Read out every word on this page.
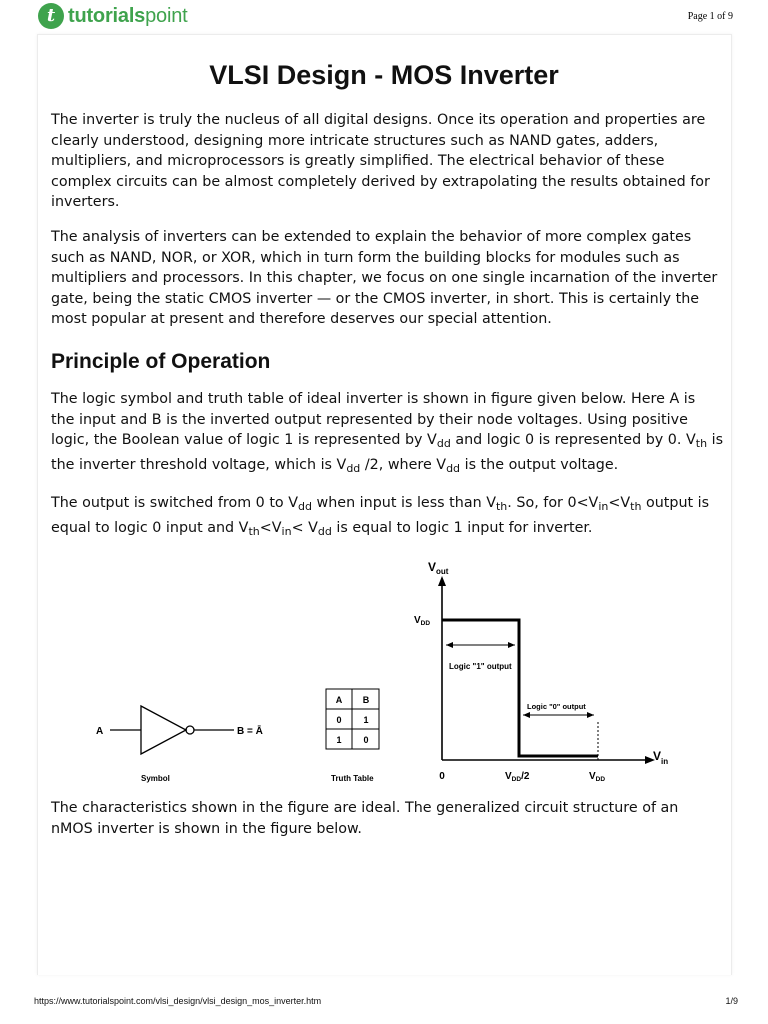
t tutorialspoint	Page 1 of 9
VLSI Design - MOS Inverter

The inverter is truly the nucleus of all digital designs. Once its operation and properties are clearly understood, designing more intricate structures such as NAND gates, adders, multipliers, and microprocessors is greatly simplified. The electrical behavior of these complex circuits can be almost completely derived by extrapolating the results obtained for inverters.

The analysis of inverters can be extended to explain the behavior of more complex gates such as NAND, NOR, or XOR, which in turn form the building blocks for modules such as multipliers and processors. In this chapter, we focus on one single incarnation of the inverter gate, being the static CMOS inverter — or the CMOS inverter, in short. This is certainly the most popular at present and therefore deserves our special attention.

Principle of Operation

The logic symbol and truth table of ideal inverter is shown in figure given below. Here A is the input and B is the inverted output represented by their node voltages. Using positive logic, the Boolean value of logic 1 is represented by $V_{dd}$ and logic 0 is represented by 0. $V_{th}$ is the inverter threshold voltage, which is $V_{dd}$ /2, where $V_{dd}$ is the output voltage.

The output is switched from 0 to $V_{dd}$ when input is less than $V_{th}$. So, for $0<V_{in}<V_{th}$ output is equal to logic 0 input and $V_{th}<V_{in}< V_{dd}$ is equal to logic 1 input for inverter.

A	B = Ā
Symbol
A B
0 1
1 0
Truth Table
$V_{out}$
$V_{in}$
$V_{DD}$
Logic "1" output
Logic "0" output
0	$V_{DD}/2$	$V_{DD}$

The characteristics shown in the figure are ideal. The generalized circuit structure of an nMOS inverter is shown in the figure below.

https://www.tutorialspoint.com/vlsi_design/vlsi_design_mos_inverter.htm	1/9
